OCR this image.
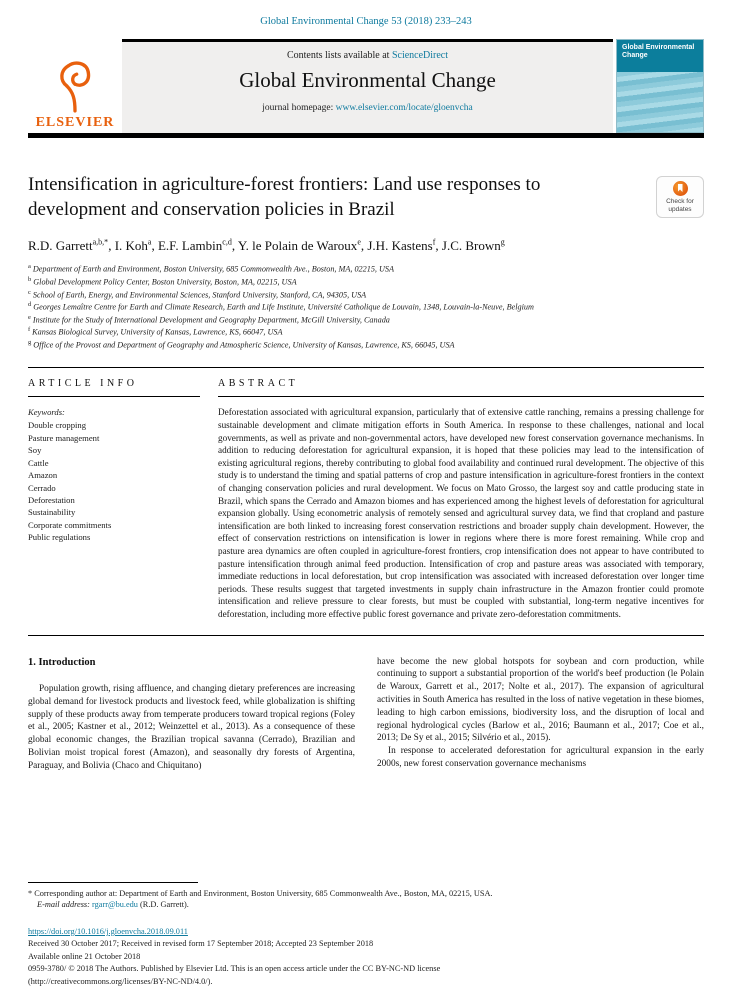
Global Environmental Change 53 (2018) 233–243
ELSEVIER
Contents lists available at ScienceDirect
Global Environmental Change
journal homepage: www.elsevier.com/locate/gloenvcha
Global Environmental Change
Intensification in agriculture-forest frontiers: Land use responses to development and conservation policies in Brazil	Check for updates
R.D. Garrett$^{a,b,*}$, I. Koh$^a$, E.F. Lambin$^{c,d}$, Y. le Polain de Waroux$^e$, J.H. Kastens$^f$, J.C. Brown$^g$
$^a$ Department of Earth and Environment, Boston University, 685 Commonwealth Ave., Boston, MA, 02215, USA
$^b$ Global Development Policy Center, Boston University, Boston, MA, 02215, USA
$^c$ School of Earth, Energy, and Environmental Sciences, Stanford University, Stanford, CA, 94305, USA
$^d$ Georges Lemaître Centre for Earth and Climate Research, Earth and Life Institute, Université Catholique de Louvain, 1348, Louvain-la-Neuve, Belgium
$^e$ Institute for the Study of International Development and Geography Department, McGill University, Canada
$^f$ Kansas Biological Survey, University of Kansas, Lawrence, KS, 66047, USA
$^g$ Office of the Provost and Department of Geography and Atmospheric Science, University of Kansas, Lawrence, KS, 66045, USA
ARTICLE INFO
Keywords:
Double cropping
Pasture management
Soy
Cattle
Amazon
Cerrado
Deforestation
Sustainability
Corporate commitments
Public regulations
ABSTRACT

Deforestation associated with agricultural expansion, particularly that of extensive cattle ranching, remains a pressing challenge for sustainable development and climate mitigation efforts in South America. In response to these challenges, national and local governments, as well as private and non-governmental actors, have developed new forest conservation governance mechanisms. In addition to reducing deforestation for agricultural expansion, it is hoped that these policies may lead to the intensification of existing agricultural regions, thereby contributing to global food availability and continued rural development. The objective of this study is to understand the timing and spatial patterns of crop and pasture intensification in agriculture-forest frontiers in the context of changing conservation policies and rural development. We focus on Mato Grosso, the largest soy and cattle producing state in Brazil, which spans the Cerrado and Amazon biomes and has experienced among the highest levels of deforestation for agricultural expansion globally. Using econometric analysis of remotely sensed and agricultural survey data, we find that cropland and pasture intensification are both linked to increasing forest conservation restrictions and broader supply chain development. However, the effect of conservation restrictions on intensification is lower in regions where there is more forest remaining. While crop and pasture area dynamics are often coupled in agriculture-forest frontiers, crop intensification does not appear to have contributed to pasture intensification through animal feed production. Intensification of crop and pasture areas was associated with temporary, immediate reductions in local deforestation, but crop intensification was associated with increased deforestation over longer time periods. These results suggest that targeted investments in supply chain infrastructure in the Amazon frontier could promote intensification and relieve pressure to clear forests, but must be coupled with substantial, long-term negative incentives for deforestation, including more effective public forest governance and private zero-deforestation commitments.

1. Introduction

Population growth, rising affluence, and changing dietary preferences are increasing global demand for livestock products and livestock feed, while globalization is shifting supply of these products away from temperate producers toward tropical regions (Foley et al., 2005; Kastner et al., 2012; Weinzettel et al., 2013). As a consequence of these global economic changes, the Brazilian tropical savanna (Cerrado), Brazilian and Bolivian moist tropical forest (Amazon), and seasonally dry forests of Argentina, Paraguay, and Bolivia (Chaco and Chiquitano)

have become the new global hotspots for soybean and corn production, while continuing to support a substantial proportion of the world's beef production (le Polain de Waroux, Garrett et al., 2017; Nolte et al., 2017). The expansion of agricultural activities in South America has resulted in the loss of native vegetation in these biomes, leading to high carbon emissions, biodiversity loss, and the disruption of local and regional hydrological cycles (Barlow et al., 2016; Baumann et al., 2017; Coe et al., 2013; De Sy et al., 2015; Silvério et al., 2015).

In response to accelerated deforestation for agricultural expansion in the early 2000s, new forest conservation governance mechanisms

* Corresponding author at: Department of Earth and Environment, Boston University, 685 Commonwealth Ave., Boston, MA, 02215, USA.
E-mail address: rgarr@bu.edu (R.D. Garrett).
https://doi.org/10.1016/j.gloenvcha.2018.09.011
Received 30 October 2017; Received in revised form 17 September 2018; Accepted 23 September 2018
Available online 21 October 2018
0959-3780/ © 2018 The Authors. Published by Elsevier Ltd. This is an open access article under the CC BY-NC-ND license
(http://creativecommons.org/licenses/BY-NC-ND/4.0/).
